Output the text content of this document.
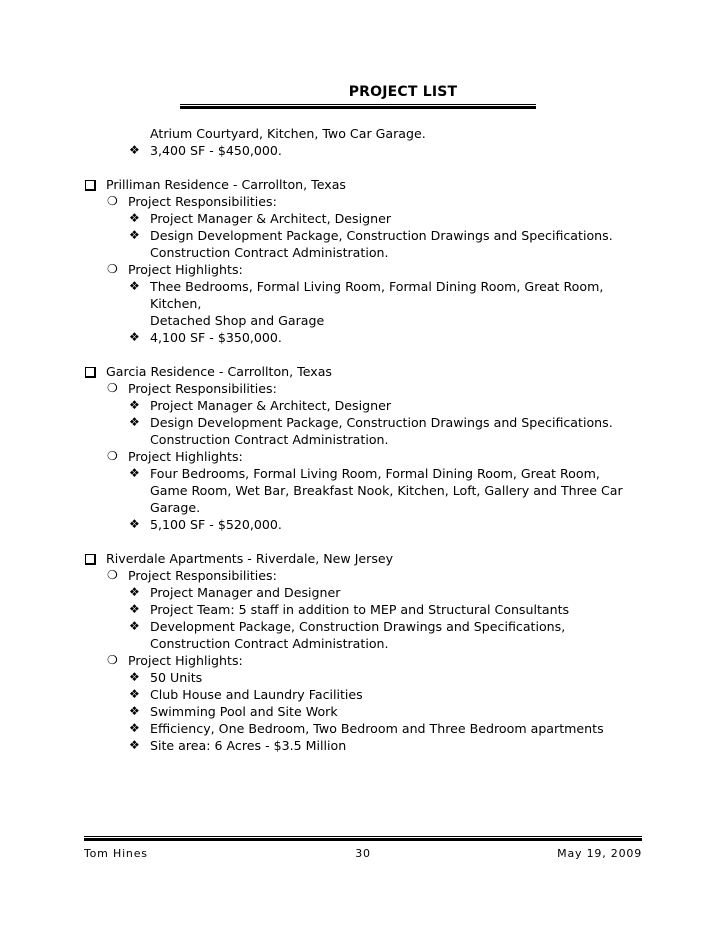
PROJECT LIST
Atrium Courtyard, Kitchen, Two Car Garage.
❖ 3,400 SF - $450,000.
Prilliman Residence - Carrollton, Texas
❍ Project Responsibilities:
❖ Project Manager & Architect, Designer
❖ Design Development Package, Construction Drawings and Specifications.
Construction Contract Administration.
❍ Project Highlights:
❖ Thee Bedrooms, Formal Living Room, Formal Dining Room, Great Room,
Kitchen,
Detached Shop and Garage
❖ 4,100 SF - $350,000.
Garcia Residence - Carrollton, Texas
❍ Project Responsibilities:
❖ Project Manager & Architect, Designer
❖ Design Development Package, Construction Drawings and Specifications.
Construction Contract Administration.
❍ Project Highlights:
❖ Four Bedrooms, Formal Living Room, Formal Dining Room, Great Room,
Game Room, Wet Bar, Breakfast Nook, Kitchen, Loft, Gallery and Three Car
Garage.
❖ 5,100 SF - $520,000.
Riverdale Apartments - Riverdale, New Jersey
❍ Project Responsibilities:
❖ Project Manager and Designer
❖ Project Team: 5 staff in addition to MEP and Structural Consultants
❖ Development Package, Construction Drawings and Specifications,
Construction Contract Administration.
❍ Project Highlights:
❖ 50 Units
❖ Club House and Laundry Facilities
❖ Swimming Pool and Site Work
❖ Efficiency, One Bedroom, Two Bedroom and Three Bedroom apartments
❖ Site area: 6 Acres - $3.5 Million
Tom Hines	30	May 19, 2009
